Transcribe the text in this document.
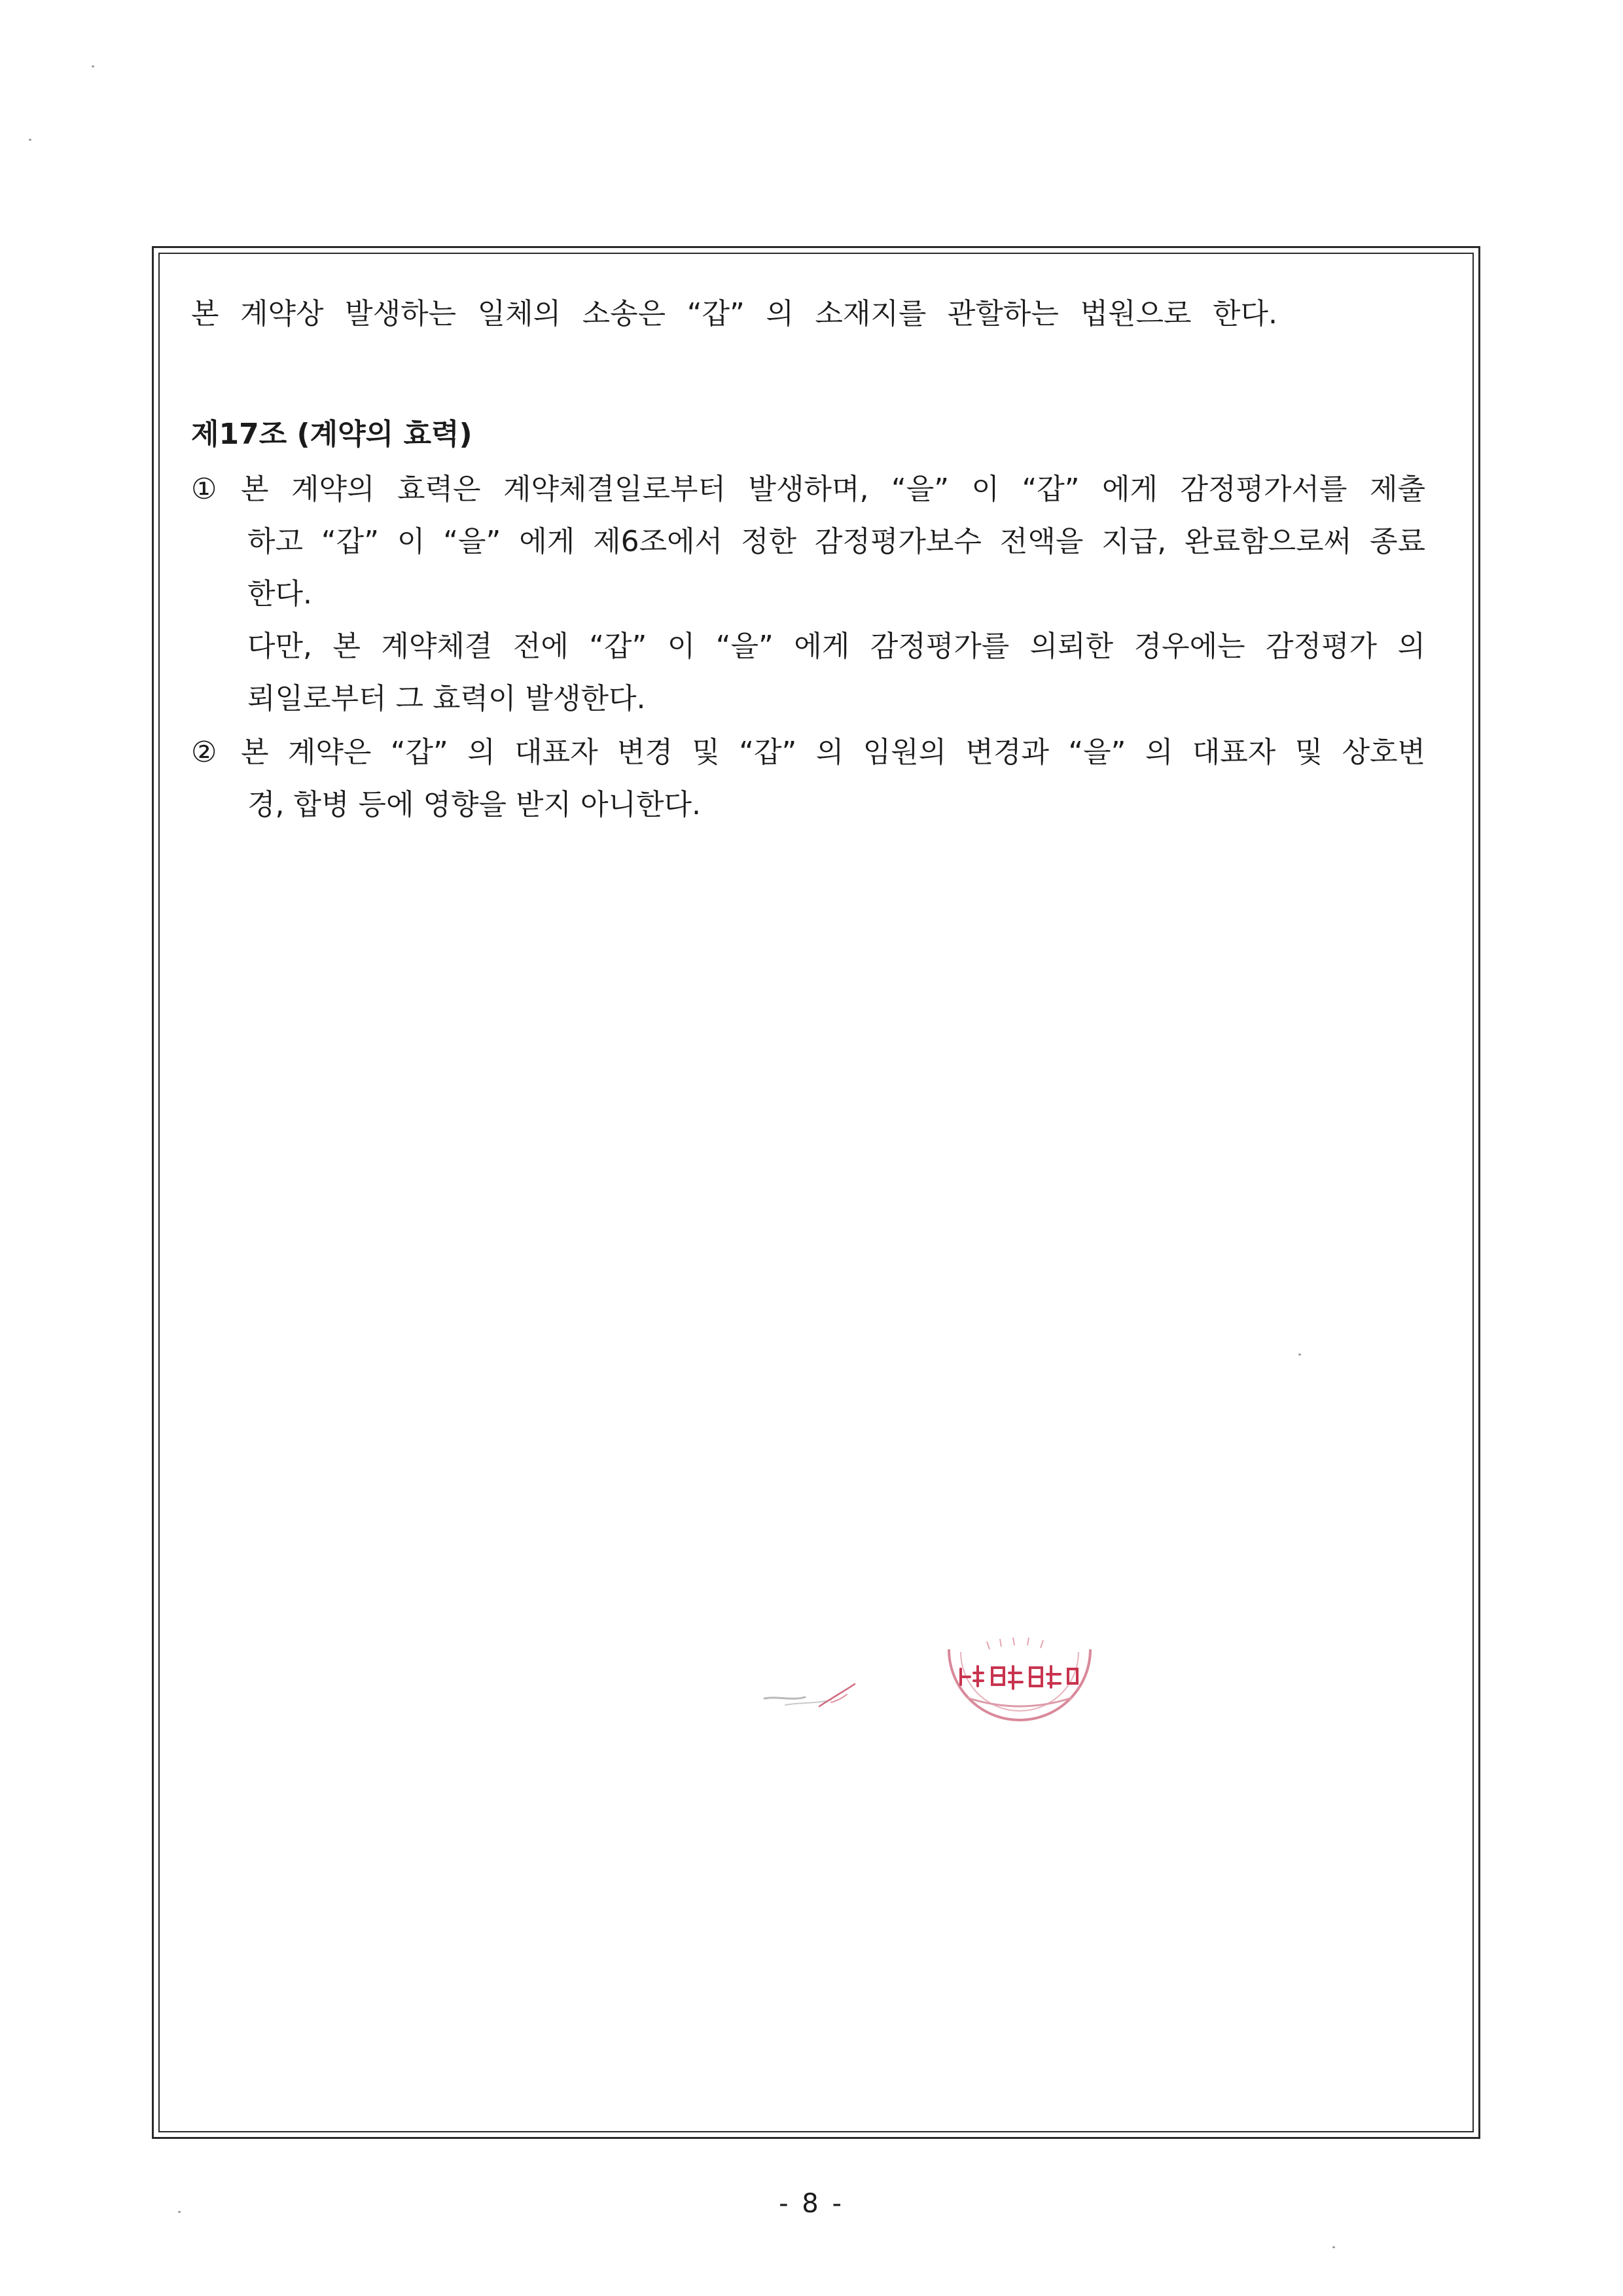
본 계약상 발생하는 일체의 소송은 “갑” 의 소재지를 관할하는 법원으로 한다.
제17조 (계약의 효력)
① 본 계약의 효력은 계약체결일로부터 발생하며, “을” 이 “갑” 에게 감정평가서를 제출
하고 “갑” 이 “을” 에게 제6조에서 정한 감정평가보수 전액을 지급, 완료함으로써 종료
한다.
다만, 본 계약체결 전에 “갑” 이 “을” 에게 감정평가를 의뢰한 경우에는 감정평가 의
뢰일로부터 그 효력이 발생한다.
② 본 계약은 “갑” 의 대표자 변경 및 “갑” 의 임원의 변경과 “을” 의 대표자 및 상호변
경, 합병 등에 영향을 받지 아니한다.
- 8 -
